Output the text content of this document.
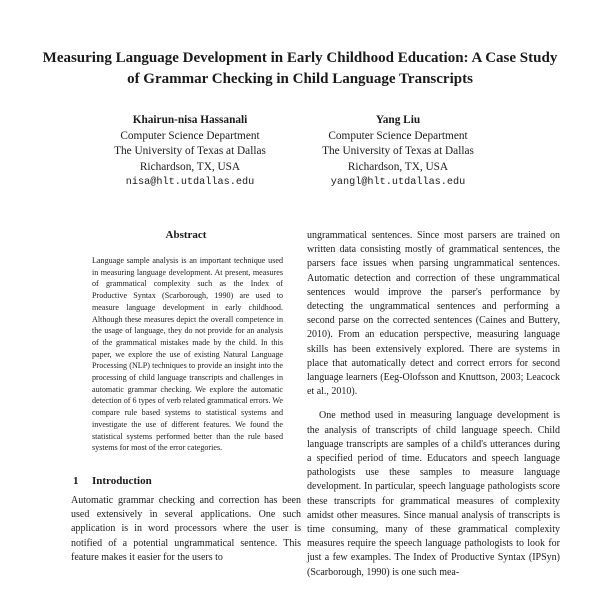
Measuring Language Development in Early Childhood Education: A Case Study of Grammar Checking in Child Language Transcripts
Khairun-nisa Hassanali
Computer Science Department
The University of Texas at Dallas
Richardson, TX, USA
nisa@hlt.utdallas.edu
Yang Liu
Computer Science Department
The University of Texas at Dallas
Richardson, TX, USA
yangl@hlt.utdallas.edu
Abstract

Language sample analysis is an important technique used in measuring language development. At present, measures of grammatical complexity such as the Index of Productive Syntax (Scarborough, 1990) are used to measure language development in early childhood. Although these measures depict the overall competence in the usage of language, they do not provide for an analysis of the grammatical mistakes made by the child. In this paper, we explore the use of existing Natural Language Processing (NLP) techniques to provide an insight into the processing of child language transcripts and challenges in automatic grammar checking. We explore the automatic detection of 6 types of verb related grammatical errors. We compare rule based systems to statistical systems and investigate the use of different features. We found the statistical systems performed better than the rule based systems for most of the error categories.

1 Introduction

Automatic grammar checking and correction has been used extensively in several applications. One such application is in word processors where the user is notified of a potential ungrammatical sentence. This feature makes it easier for the users to

ungrammatical sentences. Since most parsers are trained on written data consisting mostly of grammatical sentences, the parsers face issues when parsing ungrammatical sentences. Automatic detection and correction of these ungrammatical sentences would improve the parser's performance by detecting the ungrammatical sentences and performing a second parse on the corrected sentences (Caines and Buttery, 2010). From an education perspective, measuring language skills has been extensively explored. There are systems in place that automatically detect and correct errors for second language learners (Eeg-Olofsson and Knuttson, 2003; Leacock et al., 2010).

One method used in measuring language development is the analysis of transcripts of child language speech. Child language transcripts are samples of a child's utterances during a specified period of time. Educators and speech language pathologists use these samples to measure language development. In particular, speech language pathologists score these transcripts for grammatical measures of complexity amidst other measures. Since manual analysis of transcripts is time consuming, many of these grammatical complexity measures require the speech language pathologists to look for just a few examples. The Index of Productive Syntax (IPSyn) (Scarborough, 1990) is one such mea-
